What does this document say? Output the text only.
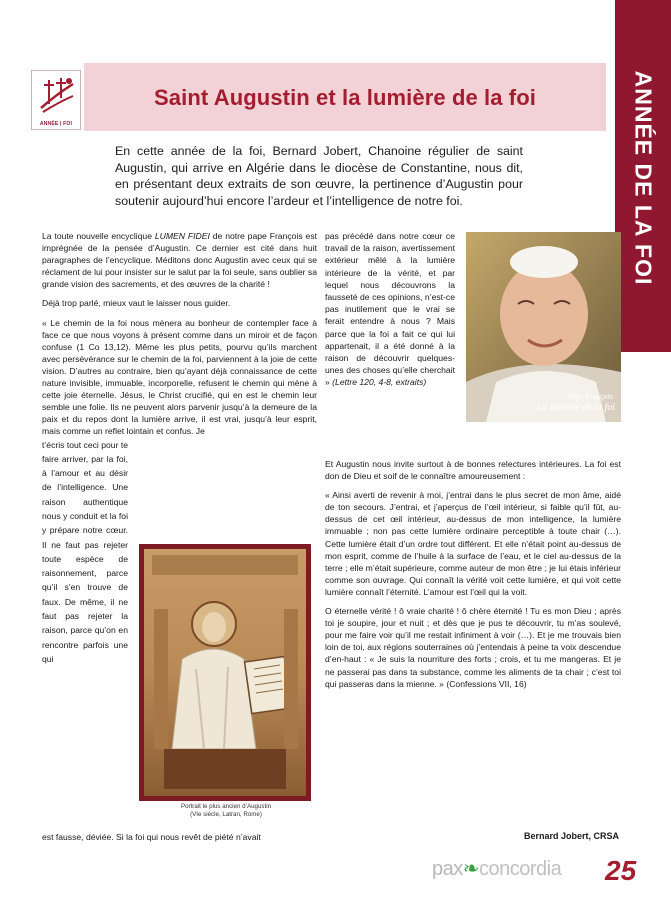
ANNÉE DE LA FOI
ANNÉE | FOI
Saint Augustin et la lumière de la foi
En cette année de la foi, Bernard Jobert, Chanoine régulier de saint Augustin, qui arrive en Algérie dans le diocèse de Constantine, nous dit, en présentant deux extraits de son œuvre, la pertinence d’Augustin pour soutenir aujourd’hui encore l’ardeur et l’intelligence de notre foi.

La toute nouvelle encyclique LUMEN FIDEI de notre pape François est imprégnée de la pensée d’Augustin. Ce dernier est cité dans huit paragraphes de l’encyclique. Méditons donc Augustin avec ceux qui se réclament de lui pour insister sur le salut par la foi seule, sans oublier sa grande vision des sacrements, et des œuvres de la charité !

Déjà trop parlé, mieux vaut le laisser nous guider.

« Le chemin de la foi nous mènera au bonheur de contempler face à face ce que nous voyons à présent comme dans un miroir et de façon confuse (1 Co 13,12). Même les plus petits, pourvu qu’ils marchent avec persévérance sur le chemin de la foi, parviennent à la joie de cette vision. D’autres au contraire, bien qu’ayant déjà connaissance de cette nature invisible, immuable, incorporelle, refusent le chemin qui mène à cette joie éternelle. Jésus, le Christ crucifié, qui en est le chemin leur semble une folie. Ils ne peuvent alors parvenir jusqu’à la demeure de la paix et du repos dont la lumière arrive, il est vrai, jusqu’à leur esprit, mais comme un reflet lointain et confus. Je

t’écris tout ceci pour te faire arriver, par la foi, à l’amour et au désir de l’intelligence. Une raison authentique nous y conduit et la foi y prépare notre cœur. Il ne faut pas rejeter toute espèce de raisonnement, parce qu’il s’en trouve de faux. De même, il ne faut pas rejeter la raison, parce qu’on en rencontre parfois une qui
est fausse, déviée. Si la foi qui nous revêt de piété n’avait
Portrait le plus ancien d’Augustin
(VIe siècle, Latran, Rome)
pas précédé dans notre cœur ce travail de la raison, avertissement extérieur mêlé à la lumière intérieure de la vérité, et par lequel nous découvrons la fausseté de ces opinions, n’est-ce pas inutilement que le vrai se ferait entendre à nous ? Mais parce que la foi a fait ce qui lui appartenait, il a été donné à la raison de découvrir quelques-unes des choses qu’elle cherchait » (Lettre 120, 4-8, extraits)
Pape François
La lumière de la foi

Et Augustin nous invite surtout à de bonnes relectures intérieures. La foi est don de Dieu et soif de le connaître amoureusement :

« Ainsi averti de revenir à moi, j’entrai dans le plus secret de mon âme, aidé de ton secours. J’entrai, et j’aperçus de l’œil intérieur, si faible qu’il fût, au-dessus de cet œil intérieur, au-dessus de mon intelligence, la lumière immuable ; non pas cette lumière ordinaire perceptible à toute chair (…). Cette lumière était d’un ordre tout différent. Et elle n’était point au-dessus de mon esprit, comme de l’huile à la surface de l’eau, et le ciel au-dessus de la terre ; elle m’était supérieure, comme auteur de mon être ; je lui étais inférieur comme son ouvrage. Qui connaît la vérité voit cette lumière, et qui voit cette lumière connaît l’éternité. L’amour est l’œil qui la voit.

O éternelle vérité ! ô vraie charité ! ô chère éternité ! Tu es mon Dieu ; après toi je soupire, jour et nuit ; et dès que je pus te découvrir, tu m’as soulevé, pour me faire voir qu’il me restait infiniment à voir (…). Et je me trouvais bien loin de toi, aux régions souterraines où j’entendais à peine ta voix descendue d’en-haut : « Je suis la nourriture des forts ; crois, et tu me mangeras. Et je ne passerai pas dans ta substance, comme les aliments de ta chair ; c’est toi qui passeras dans la mienne. » (Confessions VII, 16)

Bernard Jobert, CRSA
pax❧concordia 25
